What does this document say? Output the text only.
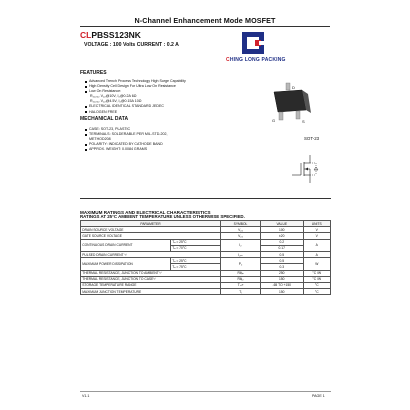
N-Channel Enhancement Mode MOSFET
CLPBSS123NK
VOLTAGE : 100 Volts CURRENT : 0.2 A
CHING LONG PACKING
FEATURES
Advanced Trench Process Technology High Surge Capability
High Density Cell Design For Ultra Low On Resistance
Low On Resistance:
R₂₂₂₂₂ V₂₂@10V, I₂@0.2A 6Ω
R₂₂₂₂₂ V₂₂@4.5V, I₂@0.15A 10Ω
ELECTRICAL IDENTICAL STANDARD JEDEC
HALOGEN FREE
D
G	S
SOT-23
MECHANICAL DATA
CASE: SOT-23, PLASTIC
TERMINALS: SOLDERABLE PER MIL-STD-202,
METHOD208
POLARITY: INDICATED BY CATHODE BAND
APPROX. WEIGHT: 0.0084 GRAMS
MAXIMUM RATINGS AND ELECTRICAL CHARACTERISTICS
RATINGS AT 25°C AMBIENT TEMPERATURE UNLESS OTHERWISE SPECIFIED.
PARAMETER		SYMBOL	VALUE	UNITS
DRAIN SOURCE VOLTAGE		V₂₂	100	V
GATE SOURCE VOLTAGE		V₂₂	±20	V
CONTINUOUS DRAIN CURRENT	Tₐ = 25°C	I₂	0.2	A
	Tₐ = 70°C		0.17	
PULSED DRAIN CURRENT ⁽¹⁾		I₂ₘ	0.5	A
MAXIMUM POWER DISSIPATION	Tₐ = 25°C	P₂	0.5	W
	Tₐ = 75°C		0.3	
THERMAL RESISTANCE, JUNCTION TO AMBIENT⁽¹⁾		Rθⱼₐ	250	°C /W
THERMAL RESISTANCE, JUNCTION TO CASE⁽¹⁾		Rθⱼ₂	150	°C /W
STORAGE TEMPERATURE RANGE		Tₛₜᵍ	-65 TO +150	°C
MAXIMUM JUNCTION TEMPERATURE		Tⱼ	150	°C
V1.1	PAGE 1
